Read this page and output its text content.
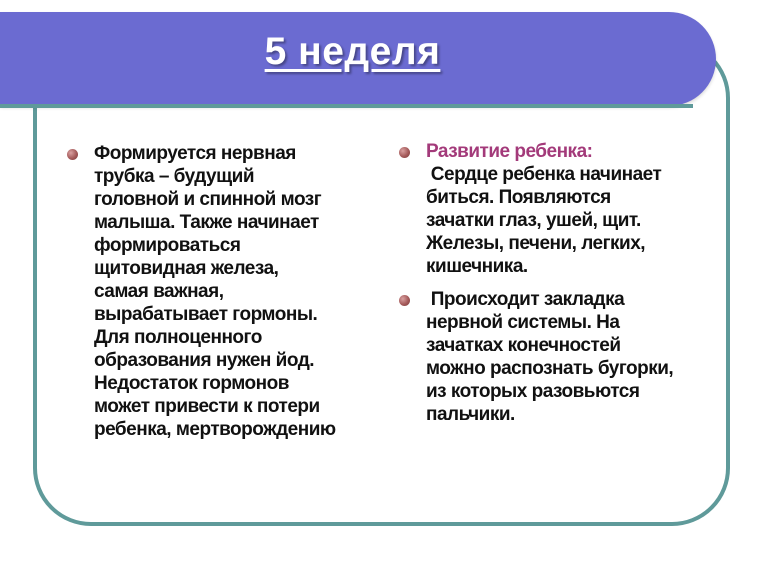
5 неделя
Формируется нервная
трубка – будущий
головной и спинной мозг
малыша. Также начинает
формироваться
щитовидная железа,
самая важная,
вырабатывает гормоны.
Для полноценного
образования нужен йод.
Недостаток гормонов
может привести к потери
ребенка, мертворождению
Развитие ребенка:
Сердце ребенка начинает
биться. Появляются
зачатки глаз, ушей, щит.
Железы, печени, легких,
кишечника.
Происходит закладка
нервной системы. На
зачатках конечностей
можно распознать бугорки,
из которых разовьются
пальчики.
